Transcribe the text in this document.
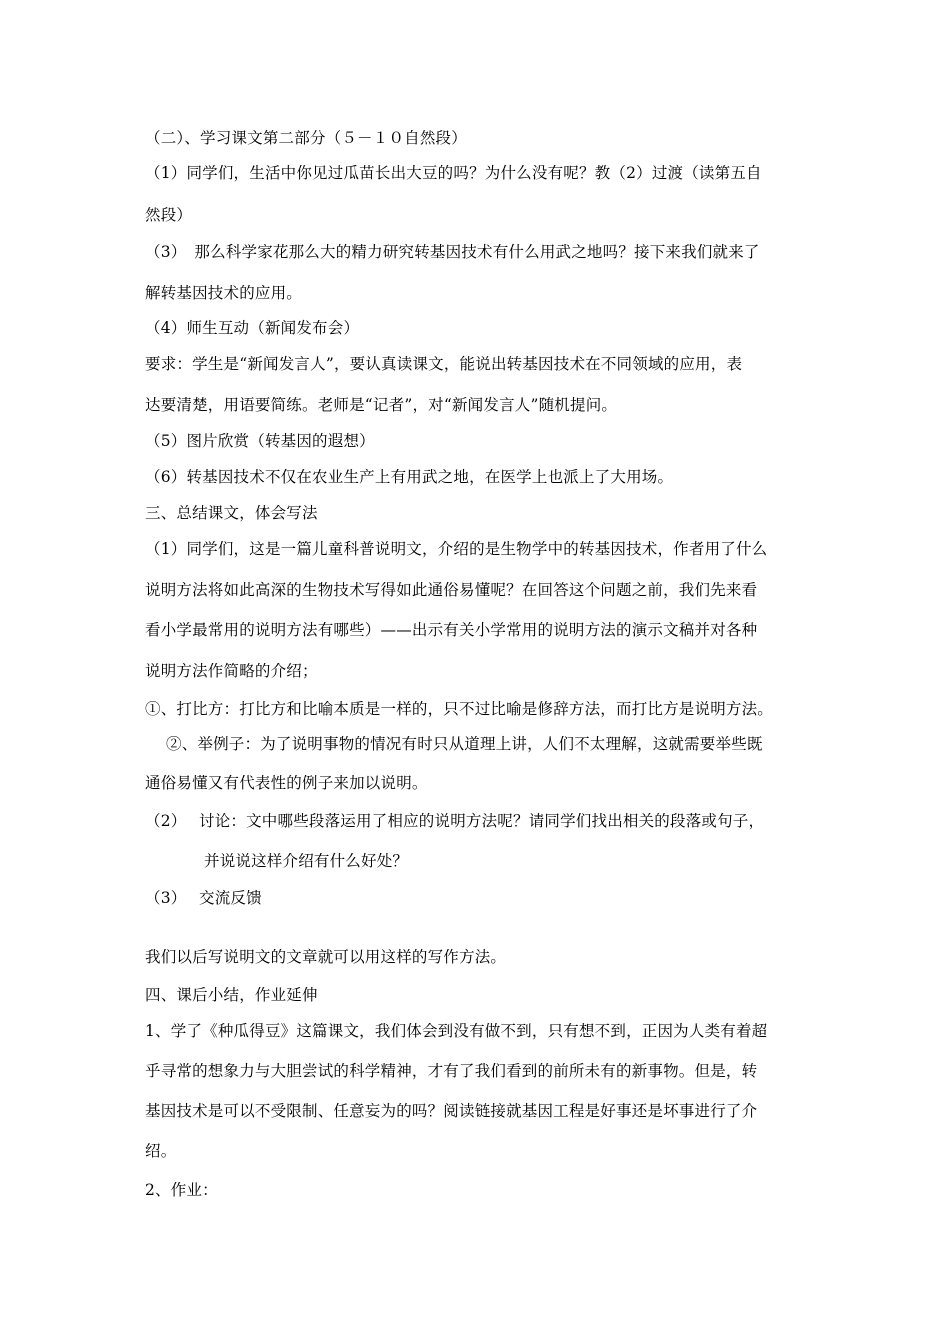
（二）、学习课文第二部分（５－１０自然段）
（1）同学们，生活中你见过瓜苗长出大豆的吗？为什么没有呢？教（2）过渡（读第五自
然段）
（3）　那么科学家花那么大的精力研究转基因技术有什么用武之地吗？接下来我们就来了
解转基因技术的应用。
（4）师生互动（新闻发布会）
要求：学生是“新闻发言人”，要认真读课文，能说出转基因技术在不同领域的应用，表
达要清楚，用语要简练。老师是“记者”，对“新闻发言人”随机提问。
（5）图片欣赏（转基因的遐想）
（6）转基因技术不仅在农业生产上有用武之地，在医学上也派上了大用场。
三、总结课文，体会写法
（1）同学们，这是一篇儿童科普说明文，介绍的是生物学中的转基因技术，作者用了什么
说明方法将如此高深的生物技术写得如此通俗易懂呢？在回答这个问题之前，我们先来看
看小学最常用的说明方法有哪些）——出示有关小学常用的说明方法的演示文稿并对各种
说明方法作简略的介绍；
①、打比方：打比方和比喻本质是一样的，只不过比喻是修辞方法，而打比方是说明方法。
②、举例子：为了说明事物的情况有时只从道理上讲，人们不太理解，这就需要举些既
通俗易懂又有代表性的例子来加以说明。
（2） 讨论：文中哪些段落运用了相应的说明方法呢？请同学们找出相关的段落或句子，
并说说这样介绍有什么好处？
（3） 交流反馈
我们以后写说明文的文章就可以用这样的写作方法。
四、课后小结，作业延伸
1、学了《种瓜得豆》这篇课文，我们体会到没有做不到，只有想不到，正因为人类有着超
乎寻常的想象力与大胆尝试的科学精神，才有了我们看到的前所未有的新事物。但是，转
基因技术是可以不受限制、任意妄为的吗？阅读链接就基因工程是好事还是坏事进行了介
绍。
2、作业：
